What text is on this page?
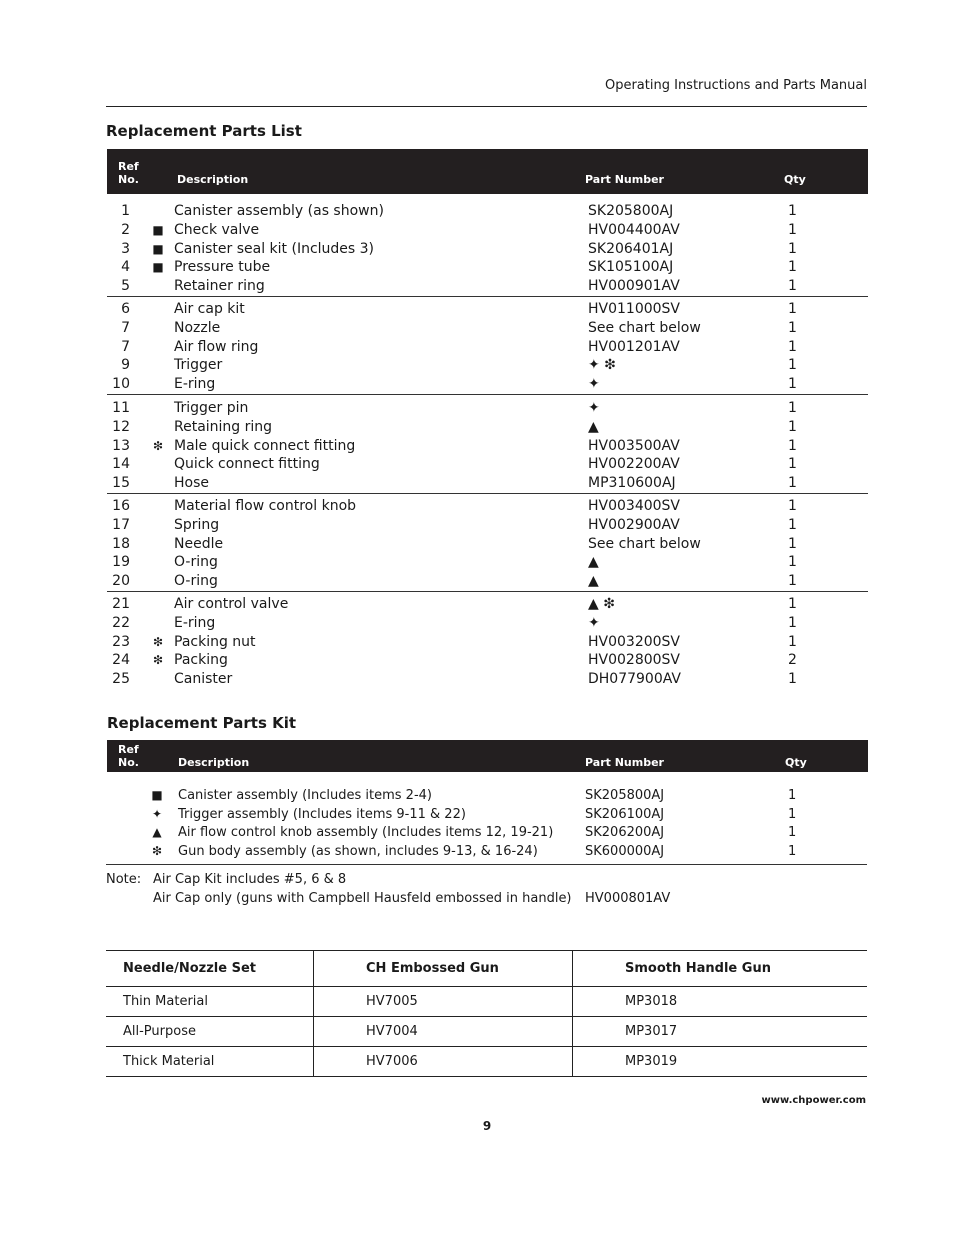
Operating Instructions and Parts Manual
Replacement Parts List
Ref
No.	Description	Part Number	Qty
1	Canister assembly (as shown)	SK205800AJ	1
2 ■ Check valve	HV004400AV	1
3 ■ Canister seal kit (Includes 3)	SK206401AJ	1
4 ■ Pressure tube	SK105100AJ	1
5	Retainer ring	HV000901AV	1
6	Air cap kit	HV011000SV	1
7	Nozzle	See chart below	1
7	Air flow ring	HV001201AV	1
9	Trigger	✦ ❇	1
10	E-ring	✦	1
11	Trigger pin	✦	1
12	Retaining ring	▲	1
13 ❇ Male quick connect fitting	HV003500AV	1
14	Quick connect fitting	HV002200AV	1
15	Hose	MP310600AJ	1
16	Material flow control knob	HV003400SV	1
17	Spring	HV002900AV	1
18	Needle	See chart below	1
19	O-ring	▲	1
20	O-ring	▲	1
21	Air control valve	▲ ❇	1
22	E-ring	✦	1
23 ❇ Packing nut	HV003200SV	1
24 ❇ Packing	HV002800SV	2
25	Canister	DH077900AV	1
Replacement Parts Kit
Ref
No.	Description	Part Number	Qty
■ Canister assembly (Includes items 2-4)	SK205800AJ	1
✦ Trigger assembly (Includes items 9-11 & 22)	SK206100AJ	1
▲ Air flow control knob assembly (Includes items 12, 19-21) SK206200AJ	1
❇ Gun body assembly (as shown, includes 9-13, & 16-24)	SK600000AJ	1
Note: Air Cap Kit includes #5, 6 & 8
Air Cap only (guns with Campbell Hausfeld embossed in handle) HV000801AV
Needle/Nozzle Set	CH Embossed Gun	Smooth Handle Gun
Thin Material	HV7005	MP3018
All-Purpose	HV7004	MP3017
Thick Material	HV7006	MP3019
www.chpower.com
9
